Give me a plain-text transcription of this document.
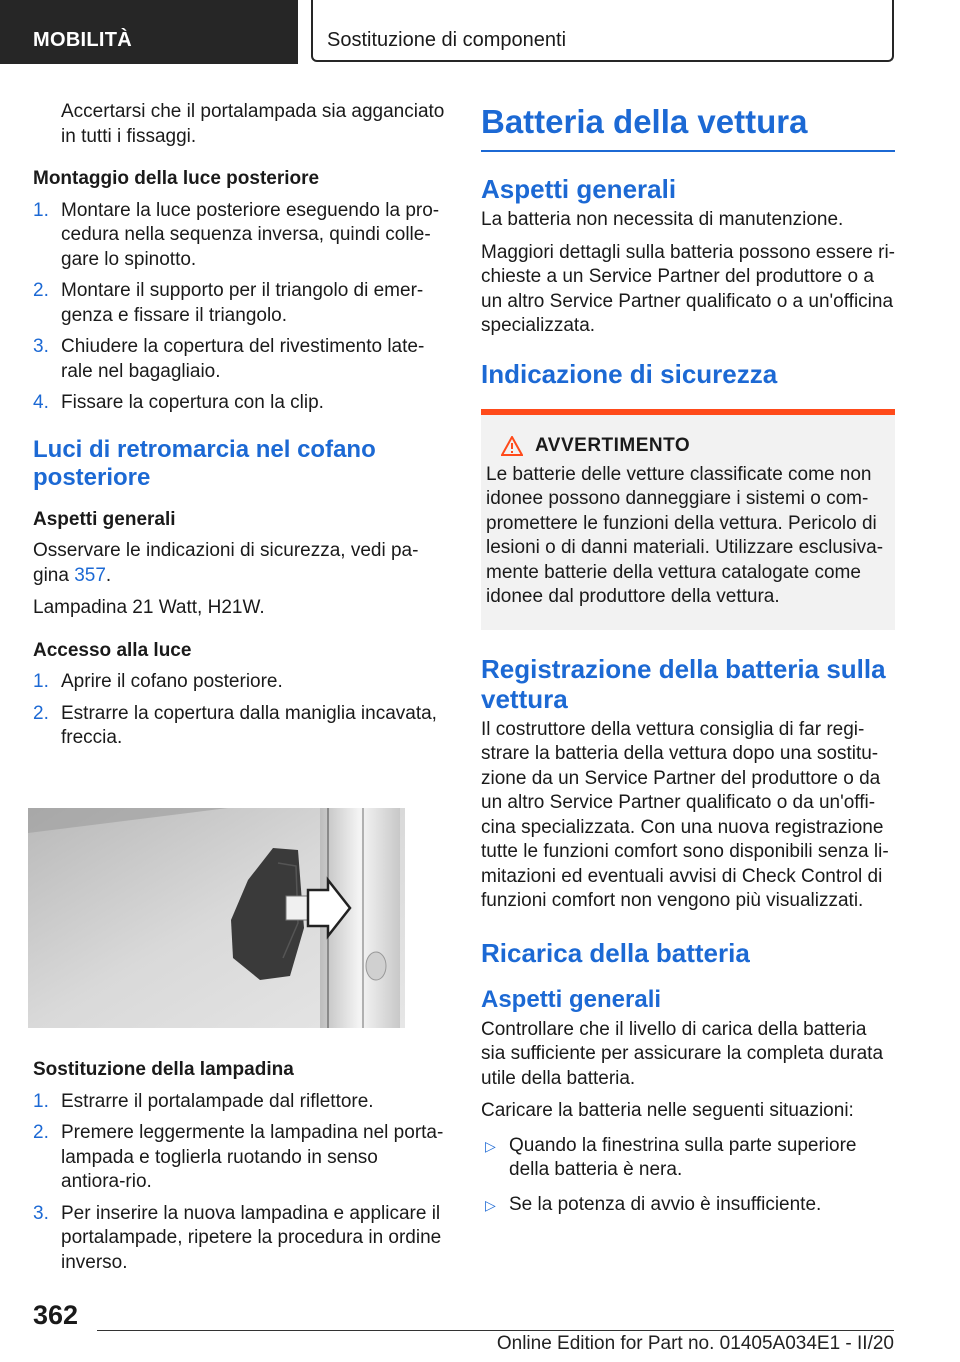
MOBILITÀ	Sostituzione di componenti

Accertarsi che il portalampada sia agganciato in tutti i fissaggi.

Montaggio della luce posteriore

1. Montare la luce posteriore eseguendo la pro‐cedura nella sequenza inversa, quindi colle‐gare lo spinotto.
2. Montare il supporto per il triangolo di emer‐genza e fissare il triangolo.
3. Chiudere la copertura del rivestimento late‐rale nel bagagliaio.
4. Fissare la copertura con la clip.

Luci di retromarcia nel cofano posteriore

Aspetti generali

Osservare le indicazioni di sicurezza, vedi pa‐gina 357.

Lampadina 21 Watt, H21W.

Accesso alla luce

1. Aprire il cofano posteriore.
2. Estrarre la copertura dalla maniglia incavata, freccia.

Sostituzione della lampadina

1. Estrarre il portalampade dal riflettore.
2. Premere leggermente la lampadina nel porta‐lampada e toglierla ruotando in senso antiora‐rio.
3. Per inserire la nuova lampadina e applicare il portalampade, ripetere la procedura in ordine inverso.

Batteria della vettura

Aspetti generali

La batteria non necessita di manutenzione.

Maggiori dettagli sulla batteria possono essere ri‐chieste a un Service Partner del produttore o a un altro Service Partner qualificato o a un'officina specializzata.

Indicazione di sicurezza

AVVERTIMENTO

Le batterie delle vetture classificate come non idonee possono danneggiare i sistemi o com‐promettere le funzioni della vettura. Pericolo di lesioni o di danni materiali. Utilizzare esclusiva‐mente batterie della vettura catalogate come idonee dal produttore della vettura.

Registrazione della batteria sulla vettura

Il costruttore della vettura consiglia di far regi‐strare la batteria della vettura dopo una sostitu‐zione da un Service Partner del produttore o da un altro Service Partner qualificato o da un'offi‐cina specializzata. Con una nuova registrazione tutte le funzioni comfort sono disponibili senza li‐mitazioni ed eventuali avvisi di Check Control di funzioni comfort non vengono più visualizzati.

Ricarica della batteria

Aspetti generali

Controllare che il livello di carica della batteria sia sufficiente per assicurare la completa durata utile della batteria.

Caricare la batteria nelle seguenti situazioni:

▷ Quando la finestrina sulla parte superiore della batteria è nera.
▷ Se la potenza di avvio è insufficiente.
362
Online Edition for Part no. 01405A034E1 - II/20
